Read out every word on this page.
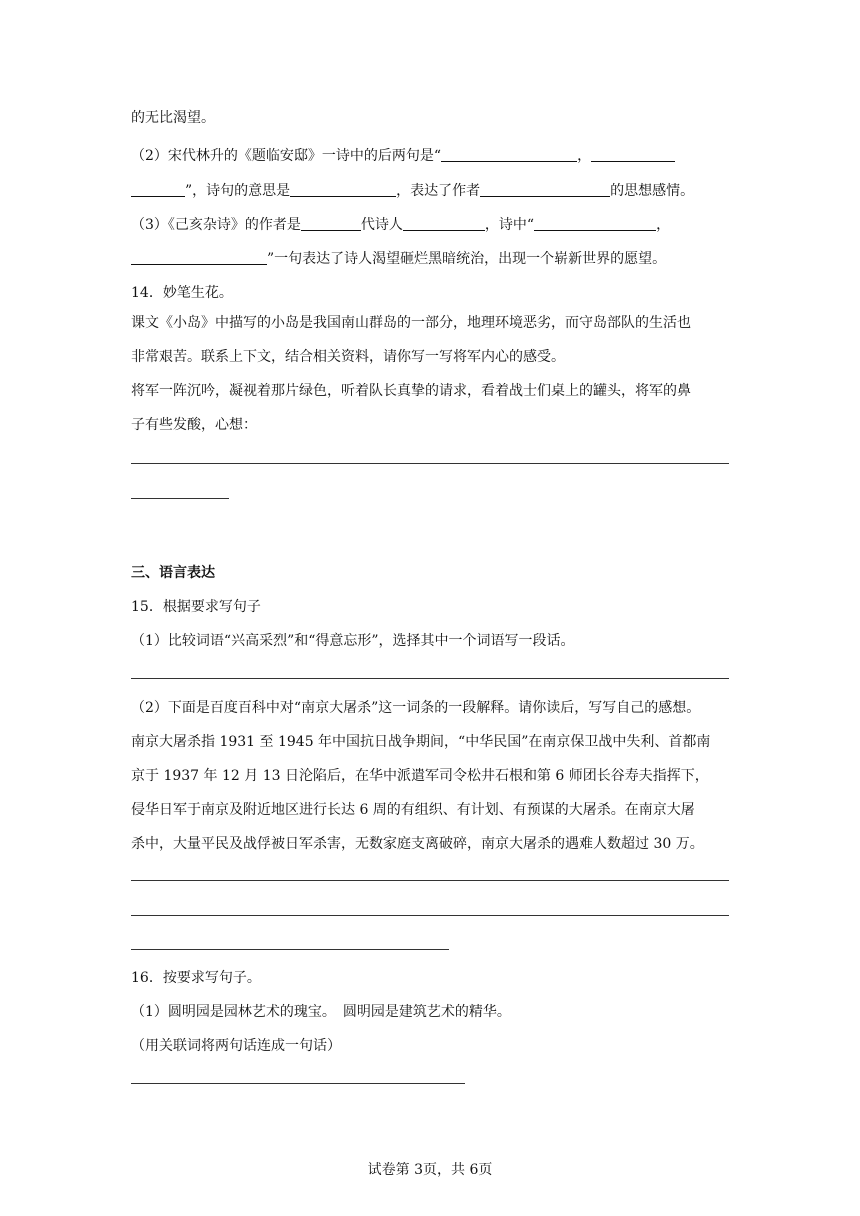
的无比渴望。
（2）宋代林升的《题临安邸》一诗中的后两句是“	，
”，诗句的意思是	，表达了作者	的思想感情。
（3）《己亥杂诗》的作者是	代诗人	，诗中“	，
”一句表达了诗人渴望砸烂黑暗统治，出现一个崭新世界的愿望。
14．妙笔生花。
课文《小岛》中描写的小岛是我国南山群岛的一部分，地理环境恶劣，而守岛部队的生活也
非常艰苦。联系上下文，结合相关资料，请你写一写将军内心的感受。
将军一阵沉吟，凝视着那片绿色，听着队长真挚的请求，看着战士们桌上的罐头，将军的鼻
子有些发酸，心想：
三、语言表达
15．根据要求写句子
（1）比较词语“兴高采烈”和“得意忘形”，选择其中一个词语写一段话。
（2）下面是百度百科中对“南京大屠杀”这一词条的一段解释。请你读后，写写自己的感想。
南京大屠杀指 1931 至 1945 年中国抗日战争期间，“中华民国”在南京保卫战中失利、首都南
京于 1937 年 12 月 13 日沦陷后，在华中派遣军司令松井石根和第 6 师团长谷寿夫指挥下，
侵华日军于南京及附近地区进行长达 6 周的有组织、有计划、有预谋的大屠杀。在南京大屠
杀中，大量平民及战俘被日军杀害，无数家庭支离破碎，南京大屠杀的遇难人数超过 30 万。
16．按要求写句子。
（1）圆明园是园林艺术的瑰宝。　圆明园是建筑艺术的精华。
（用关联词将两句话连成一句话）
试卷第 3页，共 6页
